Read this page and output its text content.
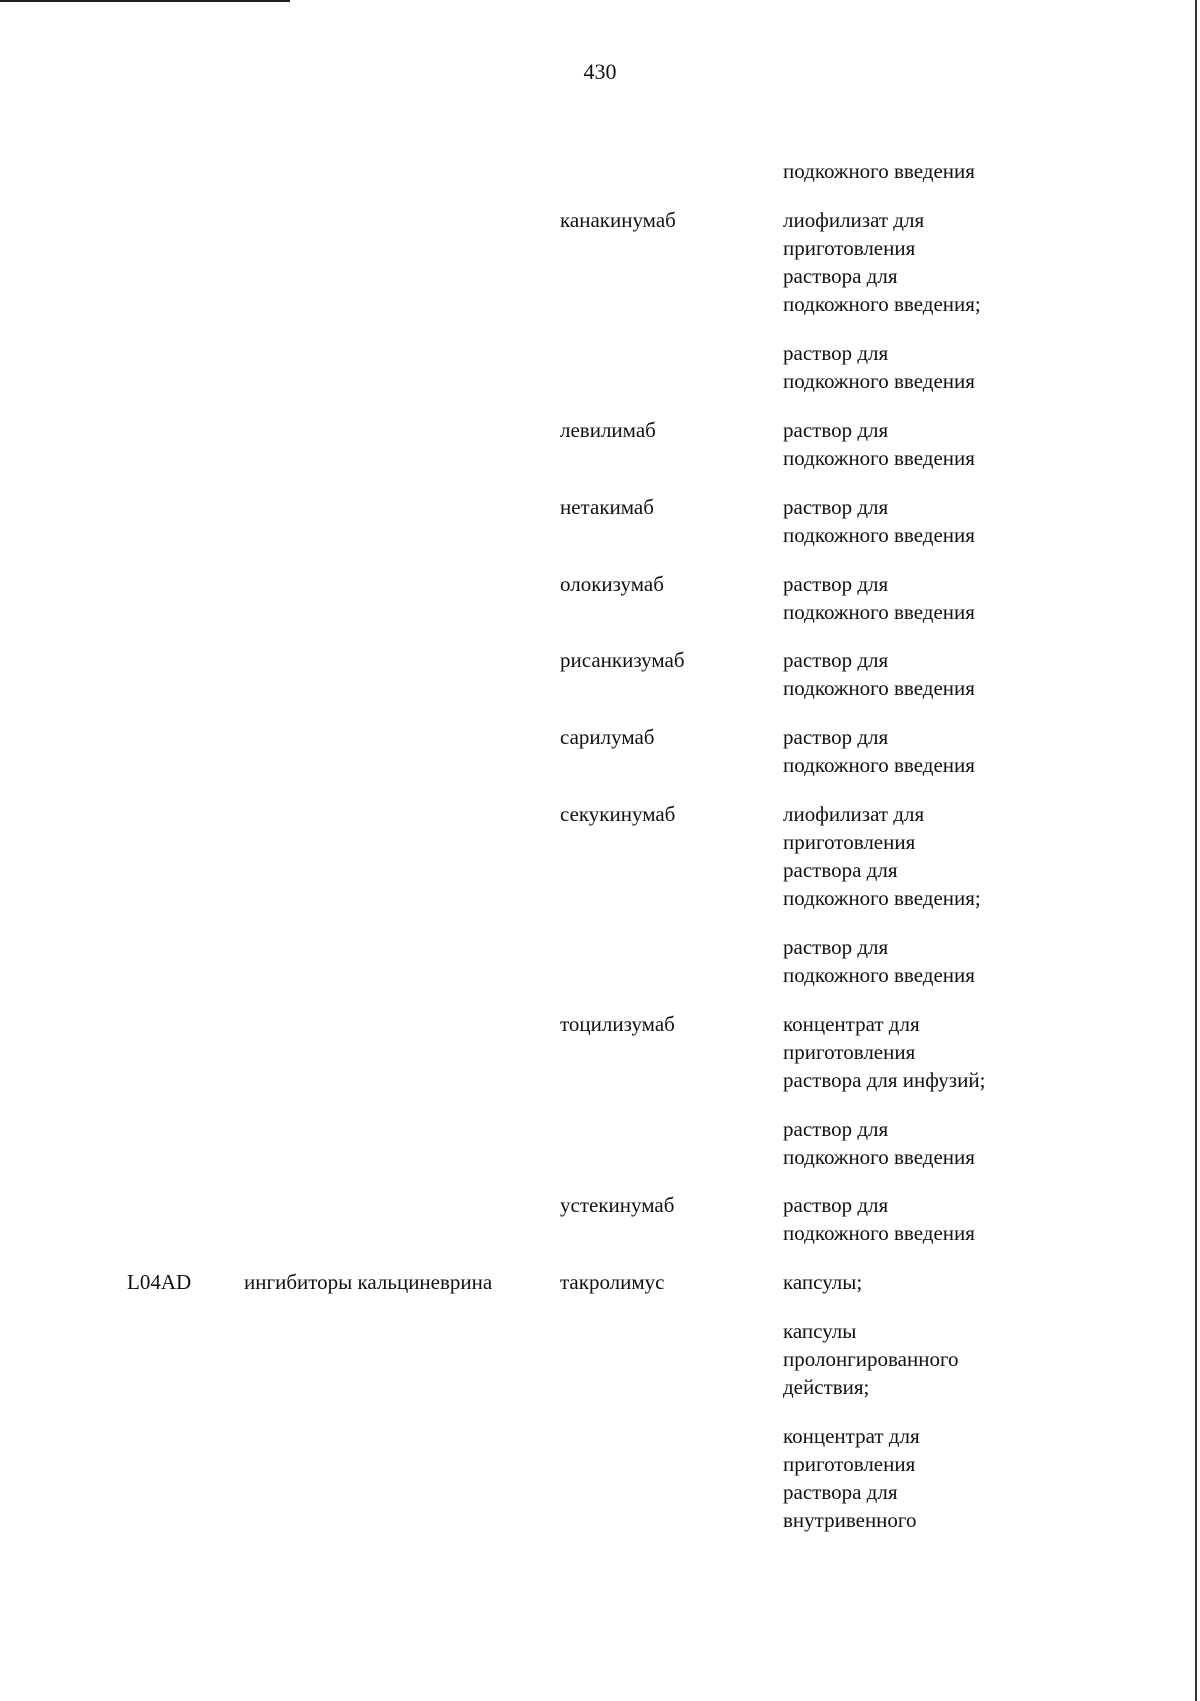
430
подкожного введения
канакинумаб	лиофилизат для
приготовления
раствора для
подкожного введения;
раствор для
подкожного введения
левилимаб	раствор для
подкожного введения
нетакимаб	раствор для
подкожного введения
олокизумаб	раствор для
подкожного введения
рисанкизумаб	раствор для
подкожного введения
сарилумаб	раствор для
подкожного введения
секукинумаб	лиофилизат для
приготовления
раствора для
подкожного введения;
раствор для
подкожного введения
тоцилизумаб	концентрат для
приготовления
раствора для инфузий;
раствор для
подкожного введения
устекинумаб	раствор для
подкожного введения
L04AD	ингибиторы кальциневрина	такролимус	капсулы;
капсулы
пролонгированного
действия;
концентрат для
приготовления
раствора для
внутривенного
